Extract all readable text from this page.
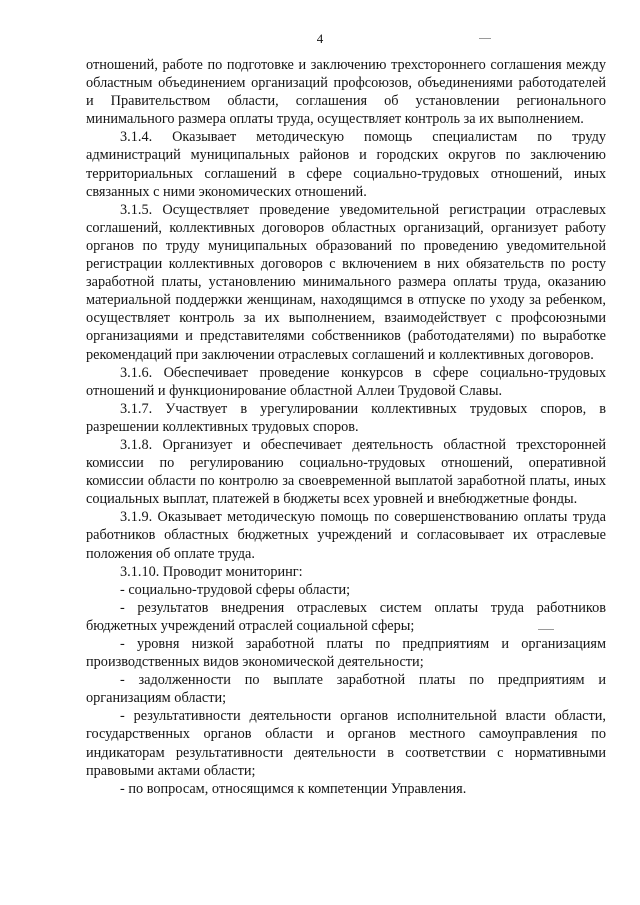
4

отношений, работе по подготовке и заключению трехстороннего соглашения между областным объединением организаций профсоюзов, объединениями работодателей и Правительством области, соглашения об установлении регионального минимального размера оплаты труда, осуществляет контроль за их выполнением.

3.1.4. Оказывает методическую помощь специалистам по труду администраций муниципальных районов и городских округов по заключению территориальных соглашений в сфере социально-трудовых отношений, иных связанных с ними экономических отношений.

3.1.5. Осуществляет проведение уведомительной регистрации отраслевых соглашений, коллективных договоров областных организаций, организует работу органов по труду муниципальных образований по проведению уведомительной регистрации коллективных договоров с включением в них обязательств по росту заработной платы, установлению минимального размера оплаты труда, оказанию материальной поддержки женщинам, находящимся в отпуске по уходу за ребенком, осуществляет контроль за их выполнением, взаимодействует с профсоюзными организациями и представителями собственников (работодателями) по выработке рекомендаций при заключении отраслевых соглашений и коллективных договоров.

3.1.6. Обеспечивает проведение конкурсов в сфере социально-трудовых отношений и функционирование областной Аллеи Трудовой Славы.

3.1.7. Участвует в урегулировании коллективных трудовых споров, в разрешении коллективных трудовых споров.

3.1.8. Организует и обеспечивает деятельность областной трехсторонней комиссии по регулированию социально-трудовых отношений, оперативной комиссии области по контролю за своевременной выплатой заработной платы, иных социальных выплат, платежей в бюджеты всех уровней и внебюджетные фонды.

3.1.9. Оказывает методическую помощь по совершенствованию оплаты труда работников областных бюджетных учреждений и согласовывает их отраслевые положения об оплате труда.

3.1.10. Проводит мониторинг:

- социально-трудовой сферы области;

- результатов внедрения отраслевых систем оплаты труда работников бюджетных учреждений отраслей социальной сферы;

- уровня низкой заработной платы по предприятиям и организациям производственных видов экономической деятельности;

- задолженности по выплате заработной платы по предприятиям и организациям области;

- результативности деятельности органов исполнительной власти области, государственных органов области и органов местного самоуправления по индикаторам результативности деятельности в соответствии с нормативными правовыми актами области;

- по вопросам, относящимся к компетенции Управления.
